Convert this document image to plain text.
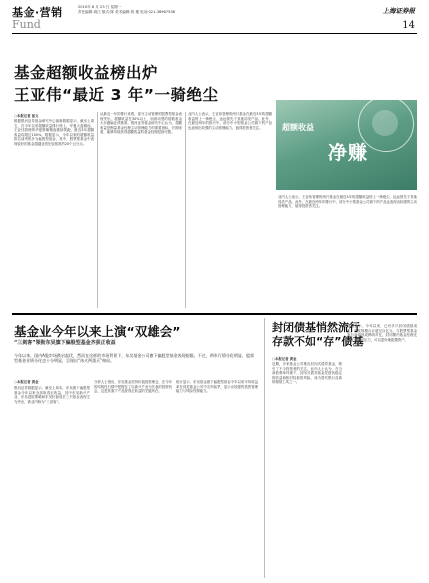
基金·营销
Fund
2010年 8 月 23 日 星期一
责任编辑:周江 版式:陈 美术编辑:曾 楼 电话:021-38967538	上海证券报
14
基金超额收益榜出炉
王亚伟“最近 3 年”一骑绝尘
○本报记者 崔文
根据银河证券基金研究中心最新数据显示，截至上周五，在今年以来超额收益排行榜上，华夏大盘精选、王亚伟管理的华夏策略精选继续领跑，最近3年超额收益均超过100%。数据显示，今年以来的超额收益排名前列的多为偏股型基金，其中，股票型基金中表现较好的基金超越业绩比较基准约20个百分点。
从最近一年的排行来看，部分主动管理的股票型基金表现突出，超额收益在30%以上，而被动型的指数基金大多跑输业绩基准。银河证券基金研究中心认为，超额收益是衡量基金经理主动管理能力的重要指标，长期来看，能够持续获得超额收益的基金经理屈指可数。
业内人士表示，王亚伟管理的两只基金在最近3年的超额收益榜上一骑绝尘，远远领先于其他同类产品。此外，在最近两年的排行中，部分中小型基金公司旗下的产品也表现出较强的主动管理能力，值得投资者关注。
业内人士表示，王亚伟管理的两只基金在最近3年的超额收益榜上一骑绝尘，远远领先于其他同类产品。此外，在最近两年的排行中，部分中小型基金公司旗下的产品也表现出较强的主动管理能力，值得投资者关注。
超额收益
净赚
基金业今年以来上演“双雄会”
“三剑客”领衔东吴旗下偏股型基金齐获正收益
今年以来，国内A股市场跌宕起伏，然而在这样的市场背景下，东吴基金公司旗下偏股型基金表现抢眼，不过，两市行情分化明显，股票型基金业绩分化也十分明显，呈现出“冰火两重天”格局。
○本报记者 黄金
银河证券数据显示，截至上周末，东吴旗下偏股型基金今年以来全部取得正收益，其中东吴新兴产业、东吴进取策略和东吴价值成长三只基金表现尤为突出，被业内称为“三剑客”。
分析人士指出，东吴基金坚持价值投资理念，在今年的结构性行情中把握住了以新兴产业为代表的投资机会，这是其旗下产品获得正收益的关键所在。
统计显示，东吴基金旗下偏股型基金今年以来平均收益率在同类基金公司中名列前茅，显示出较强的投资管理能力与风险控制能力。
封闭债基悄然流行
存款不如“存”债基
○本报记者 黄金
近期，多家基金公司推出封闭式债券基金，吸引了不少投资者的关注。业内人士认为，在当前低利率环境下，封闭式债券基金凭借其稳定的收益和相对较低的风险，成为替代银行存款的理财工具之一。
数据显示，今年以来，已有多只封闭债基成立，首发规模合计超过百亿元，与股票型基金发行冷清形成鲜明对比，封闭期内基金经理无须应对赎回压力，可以更好地配置资产。
